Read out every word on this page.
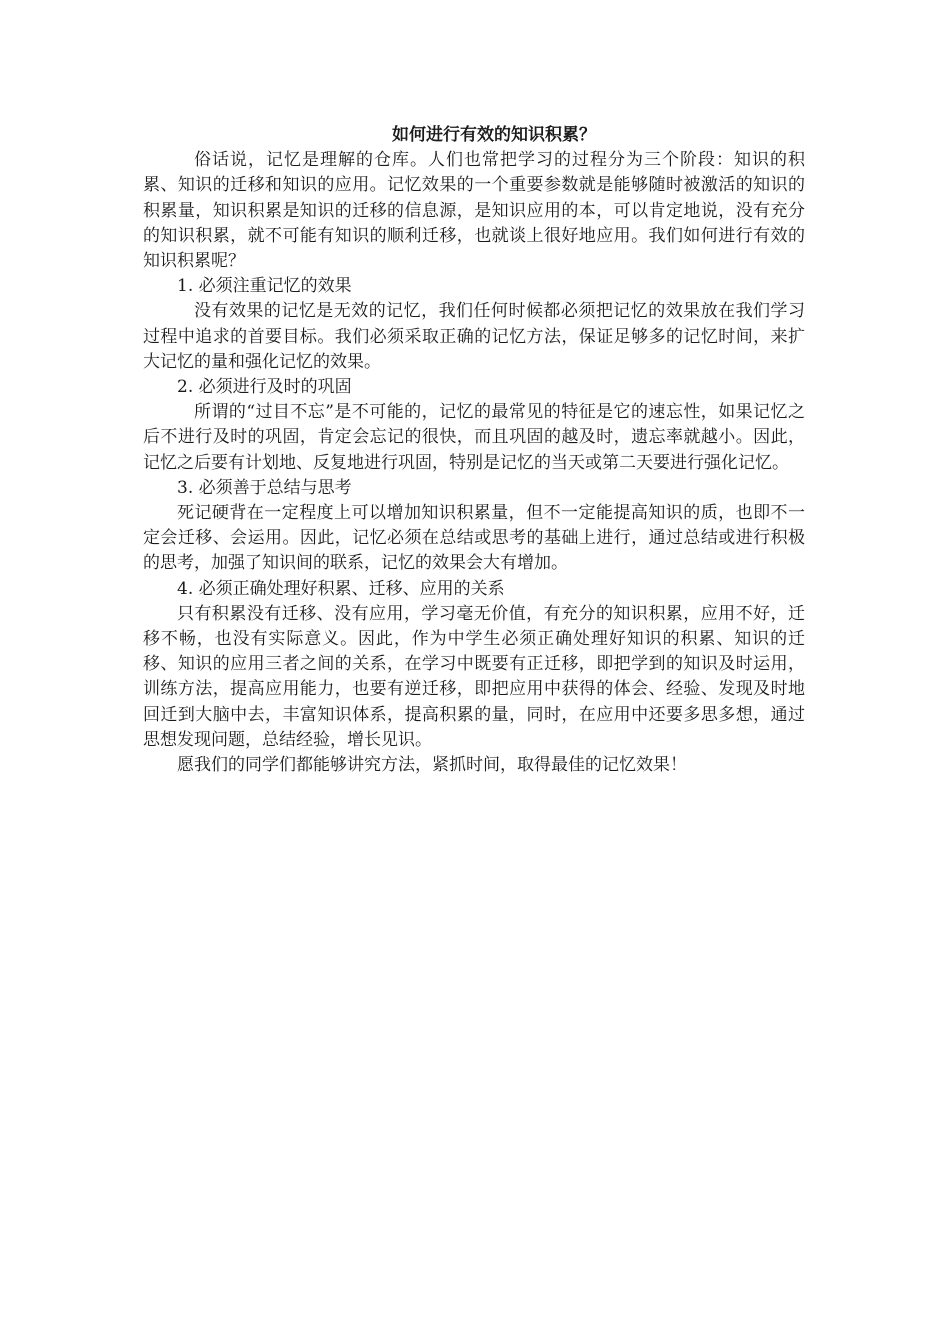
如何进行有效的知识积累？

俗话说，记忆是理解的仓库。人们也常把学习的过程分为三个阶段：知识的积累、知识的迁移和知识的应用。记忆效果的一个重要参数就是能够随时被激活的知识的积累量，知识积累是知识的迁移的信息源，是知识应用的本，可以肯定地说，没有充分的知识积累，就不可能有知识的顺利迁移，也就谈上很好地应用。我们如何进行有效的知识积累呢？

1. 必须注重记忆的效果

没有效果的记忆是无效的记忆，我们任何时候都必须把记忆的效果放在我们学习过程中追求的首要目标。我们必须采取正确的记忆方法，保证足够多的记忆时间，来扩大记忆的量和强化记忆的效果。

2. 必须进行及时的巩固

所谓的“过目不忘”是不可能的，记忆的最常见的特征是它的速忘性，如果记忆之后不进行及时的巩固，肯定会忘记的很快，而且巩固的越及时，遗忘率就越小。因此，记忆之后要有计划地、反复地进行巩固，特别是记忆的当天或第二天要进行强化记忆。

3. 必须善于总结与思考

死记硬背在一定程度上可以增加知识积累量，但不一定能提高知识的质，也即不一定会迁移、会运用。因此，记忆必须在总结或思考的基础上进行，通过总结或进行积极的思考，加强了知识间的联系，记忆的效果会大有增加。

4. 必须正确处理好积累、迁移、应用的关系

只有积累没有迁移、没有应用，学习毫无价值，有充分的知识积累，应用不好，迁移不畅，也没有实际意义。因此，作为中学生必须正确处理好知识的积累、知识的迁移、知识的应用三者之间的关系，在学习中既要有正迁移，即把学到的知识及时运用，训练方法，提高应用能力，也要有逆迁移，即把应用中获得的体会、经验、发现及时地回迁到大脑中去，丰富知识体系，提高积累的量，同时，在应用中还要多思多想，通过思想发现问题，总结经验，增长见识。

愿我们的同学们都能够讲究方法，紧抓时间，取得最佳的记忆效果！
